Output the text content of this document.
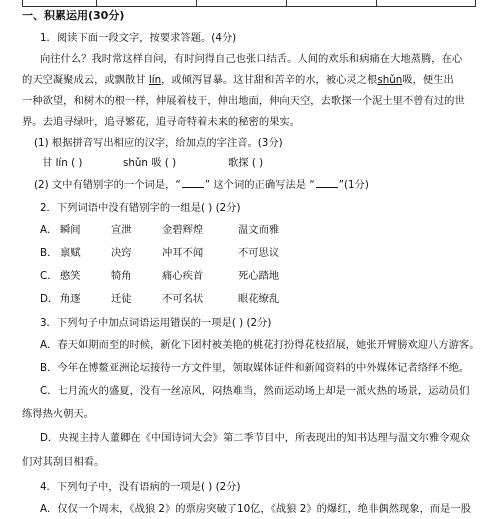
一、积累运用(30分)
1．阅读下面一段文字，按要求答题。(4分)
向往什么？我时常这样自问，有时问得自己也张口结舌。人间的欢乐和病痛在大地蒸腾，在心
的天空凝聚成云，或飘散甘 lín，或倾泻冒暴。这甘甜和苦辛的水，被心灵之根shǔn吸，便生出
一种欲望，和树木的根一样，伸展着枝干，伸出地面，伸向天空，去歌探一个泥土里不曾有过的世
界。去追寻绿叶，追寻繁花，追寻奇特着未来的秘密的果实。
(1) 根据拼音写出相应的汉字，给加点的字注音。(3分)
甘 lín ( )	shǔn 吸 ( )	歌探 ( )
(2) 文中有错别字的一个词是，“ ” 这个词的正确写法是 “ ”(1分)
2．下列词语中没有错别字的一组是( ) (2分)
A． 瞬间	宣泄	金碧辉煌	温文而雅
B． 禀赋	决窍	冲耳不闻	不可思议
C． 憨笑	犄角	痛心疾首	死心踏地
D． 角逐	迁徒	不可名状	眼花缭乱
3．下列句子中加点词语运用错误的一项是( ) (2分)
A．春天如期而至的时候，新化下团村被美艳的桃花打扮得花枝招展，她张开臂膀欢迎八方游客。
B．今年在博鳌亚洲论坛接待一方文件里，领取媒体证件和新闻资料的中外媒体记者络绎不绝。
C．七月流火的盛夏，没有一丝凉风，闷热难当，然而运动场上却是一派火热的场景，运动员们
练得热火朝天。
D．央视主持人董卿在《中国诗词大会》第二季节目中，所表现出的知书达理与温文尔雅令观众
们对其刮目相看。
4．下列句子中，没有语病的一项是( ) (2分)
A．仅仅一个周末，《战狼 2》的票房突破了10亿，《战狼 2》的爆红，绝非偶然现象，而是一股
